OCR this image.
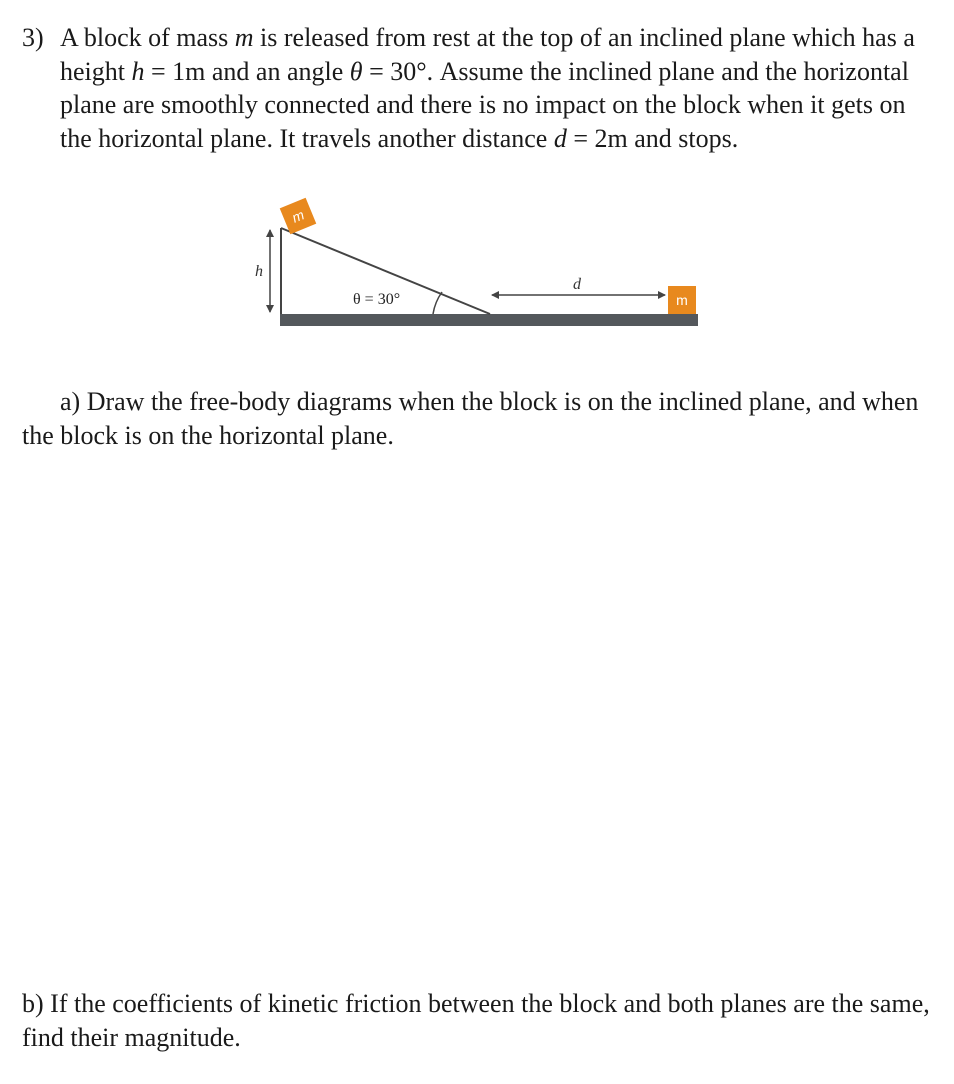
3) A block of mass m is released from rest at the top of an inclined plane which has a height h = 1m and an angle θ = 30°. Assume the inclined plane and the horizontal plane are smoothly connected and there is no impact on the block when it gets on the horizontal plane. It travels another distance d = 2m and stops.

h
m
θ = 30°
d
m

a) Draw the free-body diagrams when the block is on the inclined plane, and when the block is on the horizontal plane.

b) If the coefficients of kinetic friction between the block and both planes are the same, find their magnitude.
